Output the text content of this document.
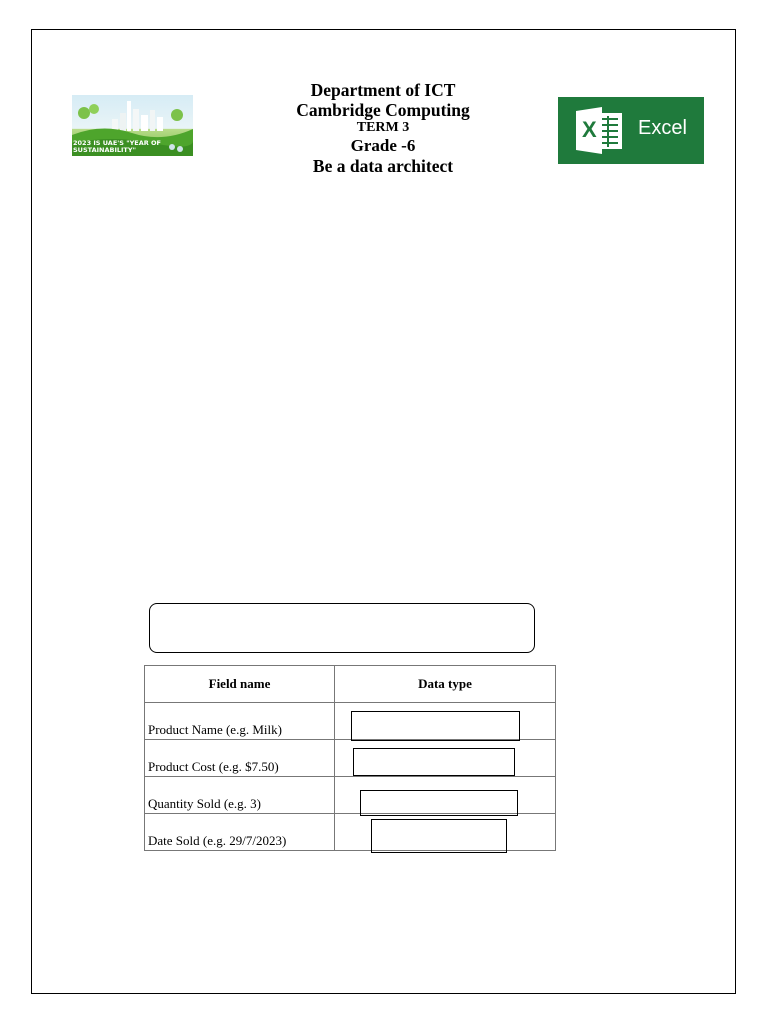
2023 IS UAE'S "YEAR OF SUSTAINABILITY"
Department of ICT
Cambridge Computing
TERM 3
Grade -6
Be a data architect
X Excel
Field name	Data type
Product Name (e.g. Milk)	
Product Cost (e.g. $7.50)	
Quantity Sold (e.g. 3)	
Date Sold (e.g. 29/7/2023)	
